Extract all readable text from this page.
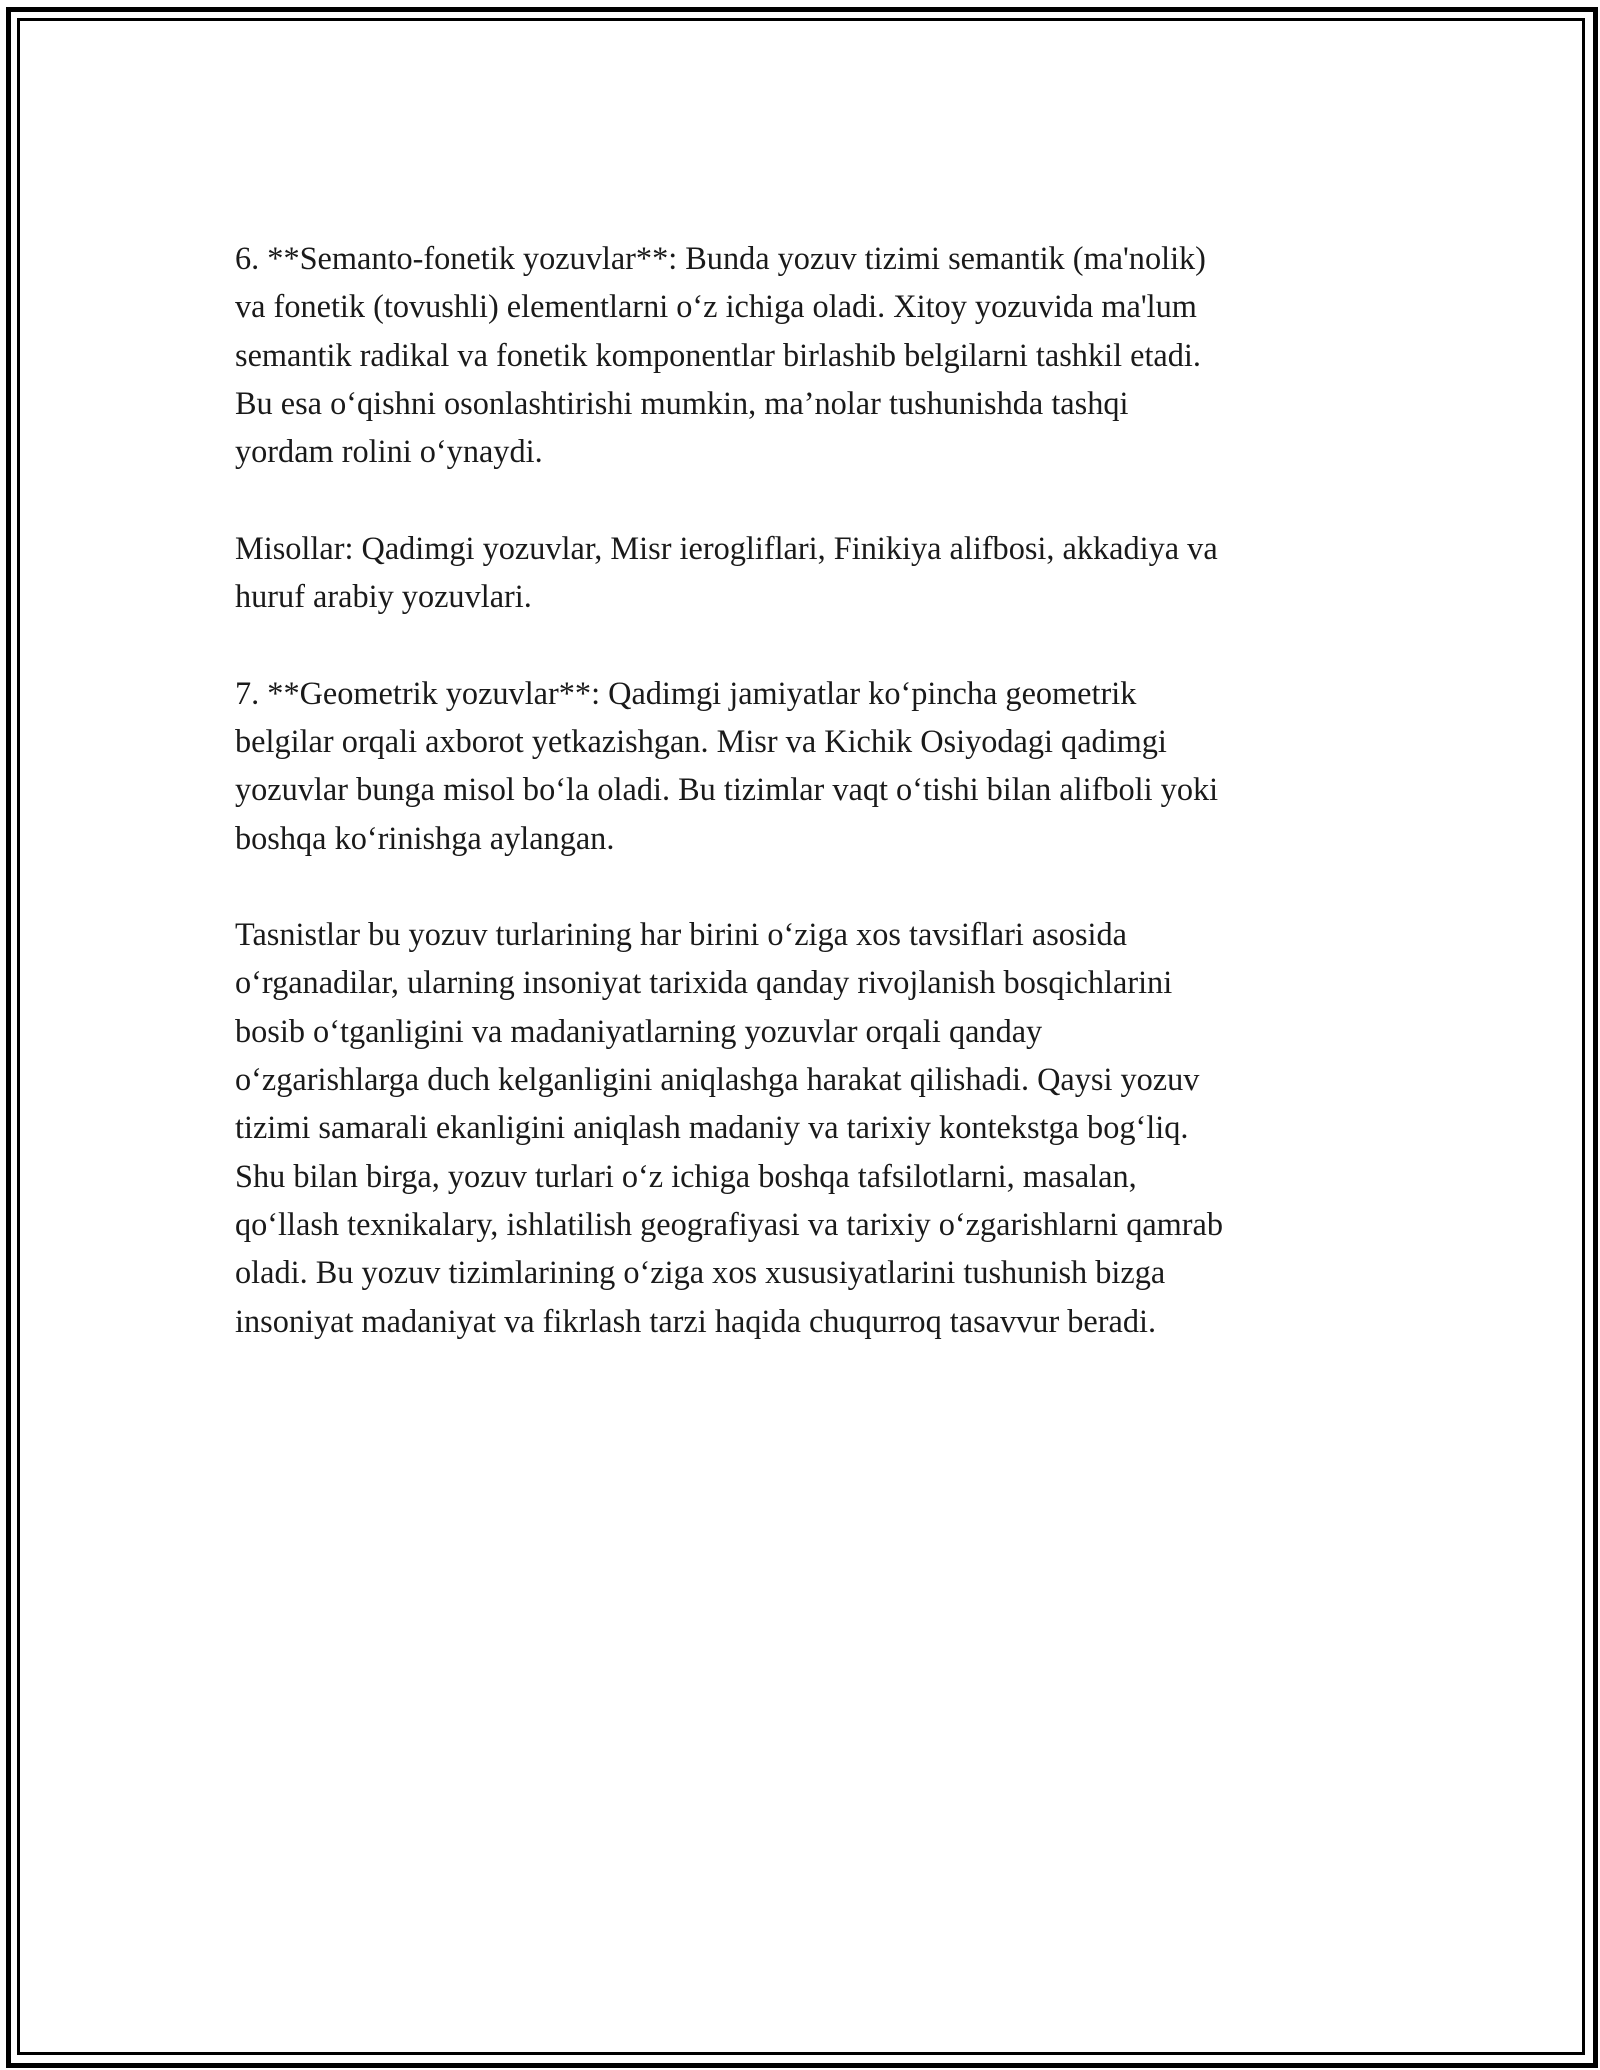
6. **Semanto-fonetik yozuvlar**: Bunda yozuv tizimi semantik (ma'nolik)
va fonetik (tovushli) elementlarni o‘z ichiga oladi. Xitoy yozuvida ma'lum
semantik radikal va fonetik komponentlar birlashib belgilarni tashkil etadi.
Bu esa o‘qishni osonlashtirishi mumkin, ma’nolar tushunishda tashqi
yordam rolini o‘ynaydi.

Misollar: Qadimgi yozuvlar, Misr ierogliflari, Finikiya alifbosi, akkadiya va
huruf arabiy yozuvlari.

7. **Geometrik yozuvlar**: Qadimgi jamiyatlar ko‘pincha geometrik
belgilar orqali axborot yetkazishgan. Misr va Kichik Osiyodagi qadimgi
yozuvlar bunga misol bo‘la oladi. Bu tizimlar vaqt o‘tishi bilan alifboli yoki
boshqa ko‘rinishga aylangan.

Tasnistlar bu yozuv turlarining har birini o‘ziga xos tavsiflari asosida
o‘rganadilar, ularning insoniyat tarixida qanday rivojlanish bosqichlarini
bosib o‘tganligini va madaniyatlarning yozuvlar orqali qanday
o‘zgarishlarga duch kelganligini aniqlashga harakat qilishadi. Qaysi yozuv
tizimi samarali ekanligini aniqlash madaniy va tarixiy kontekstga bog‘liq.
Shu bilan birga, yozuv turlari o‘z ichiga boshqa tafsilotlarni, masalan,
qo‘llash texnikalary, ishlatilish geografiyasi va tarixiy o‘zgarishlarni qamrab
oladi. Bu yozuv tizimlarining o‘ziga xos xususiyatlarini tushunish bizga
insoniyat madaniyat va fikrlash tarzi haqida chuqurroq tasavvur beradi.
